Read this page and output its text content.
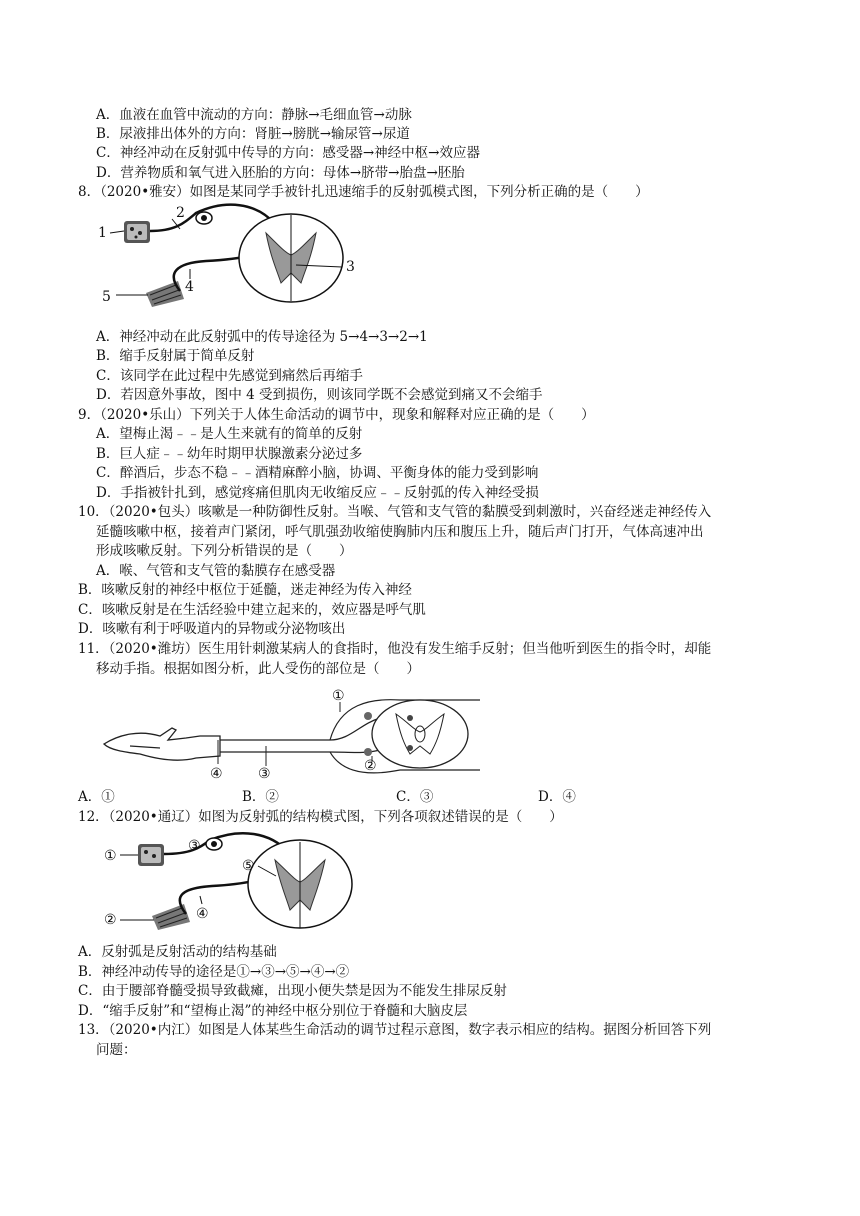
A．血液在血管中流动的方向：静脉→毛细血管→动脉
B．尿液排出体外的方向：肾脏→膀胱→输尿管→尿道
C．神经冲动在反射弧中传导的方向：感受器→神经中枢→效应器
D．营养物质和氧气进入胚胎的方向：母体→脐带→胎盘→胚胎
8．（2020•雅安）如图是某同学手被针扎迅速缩手的反射弧模式图，下列分析正确的是（　　）
1
2
3
4
5
A．神经冲动在此反射弧中的传导途径为 5→4→3→2→1
B．缩手反射属于简单反射
C．该同学在此过程中先感觉到痛然后再缩手
D．若因意外事故，图中 4 受到损伤，则该同学既不会感觉到痛又不会缩手
9．（2020•乐山）下列关于人体生命活动的调节中，现象和解释对应正确的是（　　）
A．望梅止渴﹣﹣是人生来就有的简单的反射
B．巨人症﹣﹣幼年时期甲状腺激素分泌过多
C．醉酒后，步态不稳﹣﹣酒精麻醉小脑，协调、平衡身体的能力受到影响
D．手指被针扎到，感觉疼痛但肌肉无收缩反应﹣﹣反射弧的传入神经受损
10．（2020•包头）咳嗽是一种防御性反射。当喉、气管和支气管的黏膜受到刺激时，兴奋经迷走神经传入
延髓咳嗽中枢，接着声门紧闭，呼气肌强劲收缩使胸肺内压和腹压上升，随后声门打开，气体高速冲出
形成咳嗽反射。下列分析错误的是（　　）
A．喉、气管和支气管的黏膜存在感受器
B．咳嗽反射的神经中枢位于延髓，迷走神经为传入神经
C．咳嗽反射是在生活经验中建立起来的，效应器是呼气肌
D．咳嗽有利于呼吸道内的异物或分泌物咳出
11．（2020•潍坊）医生用针刺激某病人的食指时，他没有发生缩手反射；但当他听到医生的指令时，却能
移动手指。根据如图分析，此人受伤的部位是（　　）
④	③
①
②
A．①	B．②	C．③	D．④
12．（2020•通辽）如图为反射弧的结构模式图，下列各项叙述错误的是（　　）
①
③
⑤
④
②
A．反射弧是反射活动的结构基础
B．神经冲动传导的途径是①→③→⑤→④→②
C．由于腰部脊髓受损导致截瘫，出现小便失禁是因为不能发生排尿反射
D．“缩手反射”和“望梅止渴”的神经中枢分别位于脊髓和大脑皮层
13．（2020•内江）如图是人体某些生命活动的调节过程示意图，数字表示相应的结构。据图分析回答下列
问题：
